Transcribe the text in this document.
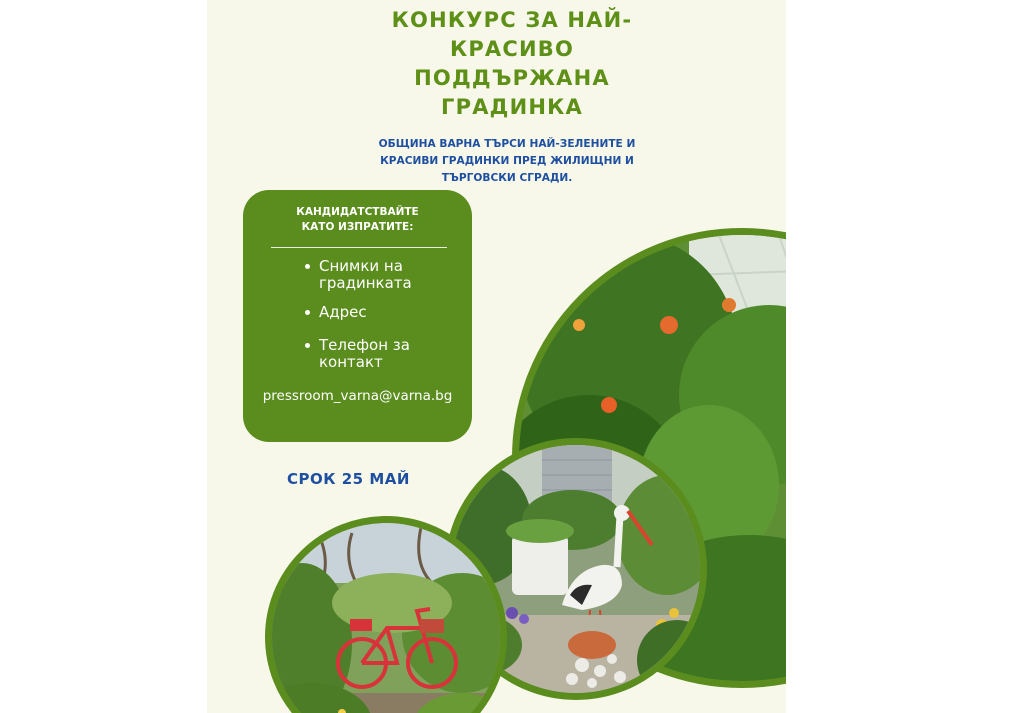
КОНКУРС ЗА НАЙ-
КРАСИВО
ПОДДЪРЖАНА
ГРАДИНКА
ОБЩИНА ВАРНА ТЪРСИ НАЙ-ЗЕЛЕНИТЕ И
КРАСИВИ ГРАДИНКИ ПРЕД ЖИЛИЩНИ И
ТЪРГОВСКИ СГРАДИ.
КАНДИДАТСТВАЙТЕ
КАТО ИЗПРАТИТЕ:
Снимки на градинката
Адрес
Телефон за контакт
pressroom_varna@varna.bg
СРОК 25 МАЙ
